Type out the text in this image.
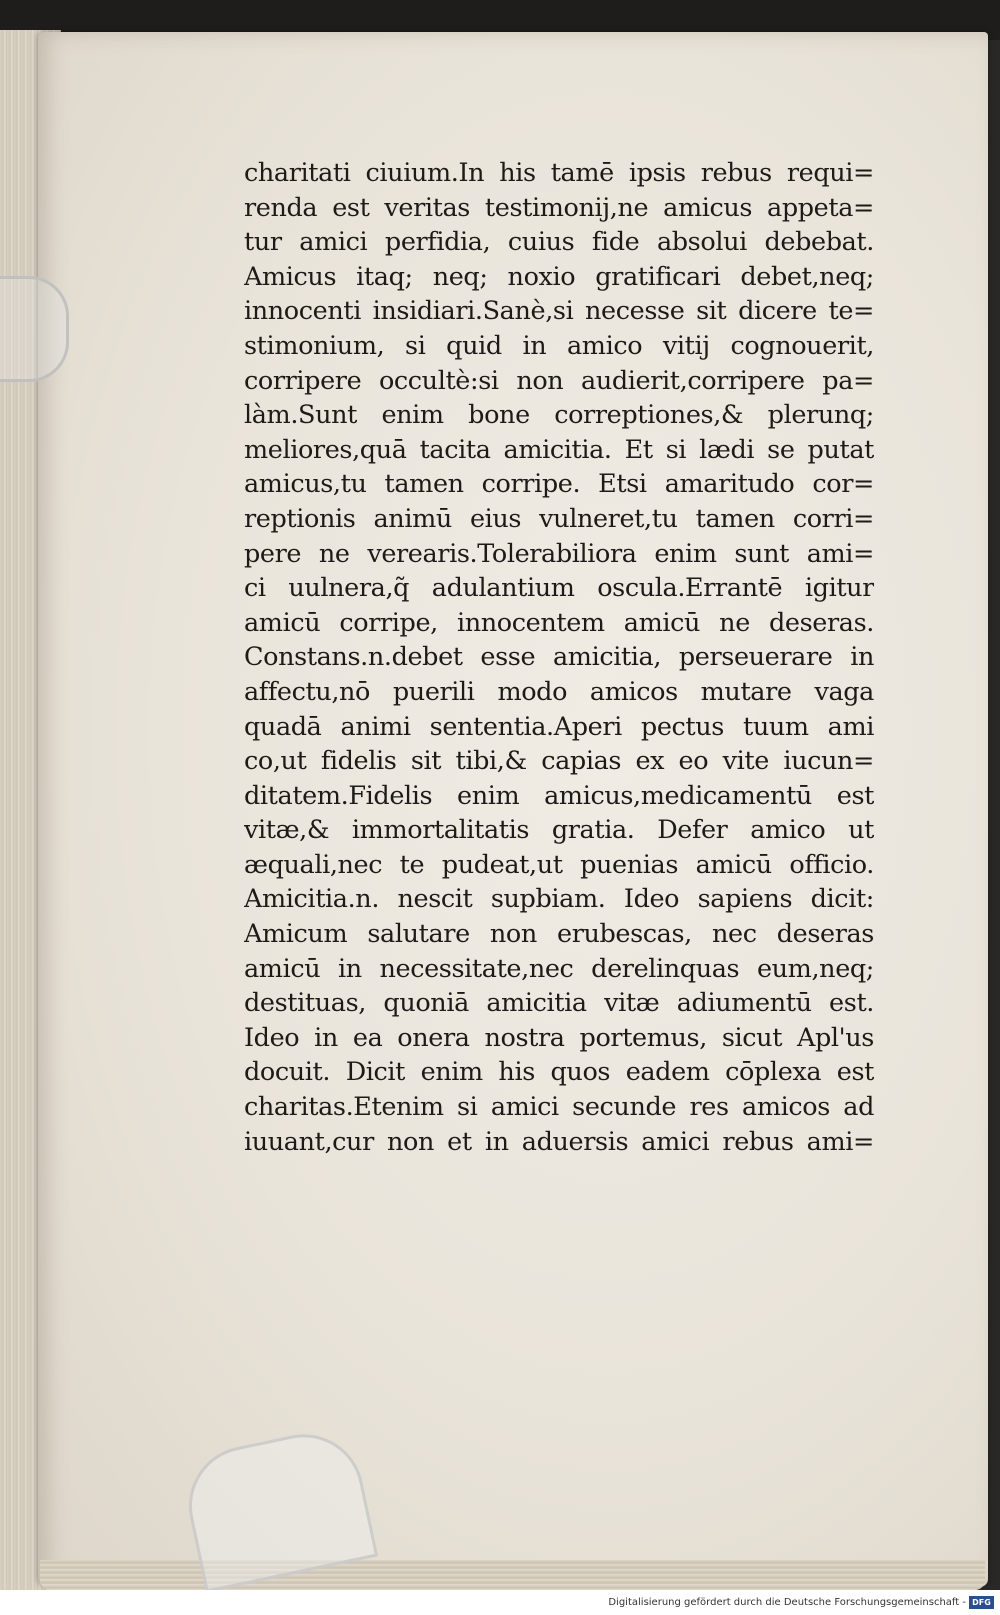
charitati ciuium.In his tamē ipsis rebus requi=
renda est veritas testimonij,ne amicus appeta=
tur amici perfidia, cuius fide absolui debebat.
Amicus itaq; neq; noxio gratificari debet,neq;
innocenti insidiari.Sanè,si necesse sit dicere te=
stimonium, si quid in amico vitij cognouerit,
corripere occultè:si non audierit,corripere pa=
làm.Sunt enim bone correptiones,& plerunq;
meliores,quā tacita amicitia. Et si lædi se putat
amicus,tu tamen corripe. Etsi amaritudo cor=
reptionis animū eius vulneret,tu tamen corri=
pere ne verearis.Tolerabiliora enim sunt ami=
ci uulnera,q̃ adulantium oscula.Errantē igitur
amicū corripe, innocentem amicū ne deseras.
Constans.n.debet esse amicitia, perseuerare in
affectu,nō puerili modo amicos mutare vaga
quadā animi sententia.Aperi pectus tuum ami
co,ut fidelis sit tibi,& capias ex eo vite iucun=
ditatem.Fidelis enim amicus,medicamentū est
vitæ,& immortalitatis gratia. Defer amico ut
æquali,nec te pudeat,ut puenias amicū officio.
Amicitia.n. nescit supbiam. Ideo sapiens dicit:
Amicum salutare non erubescas, nec deseras
amicū in necessitate,nec derelinquas eum,neq;
destituas, quoniā amicitia vitæ adiumentū est.
Ideo in ea onera nostra portemus, sicut Apl'us
docuit. Dicit enim his quos eadem cōplexa est
charitas.Etenim si amici secunde res amicos ad
iuuant,cur non et in aduersis amici rebus ami=
Digitalisierung gefördert durch die Deutsche Forschungsgemeinschaft - DFG
